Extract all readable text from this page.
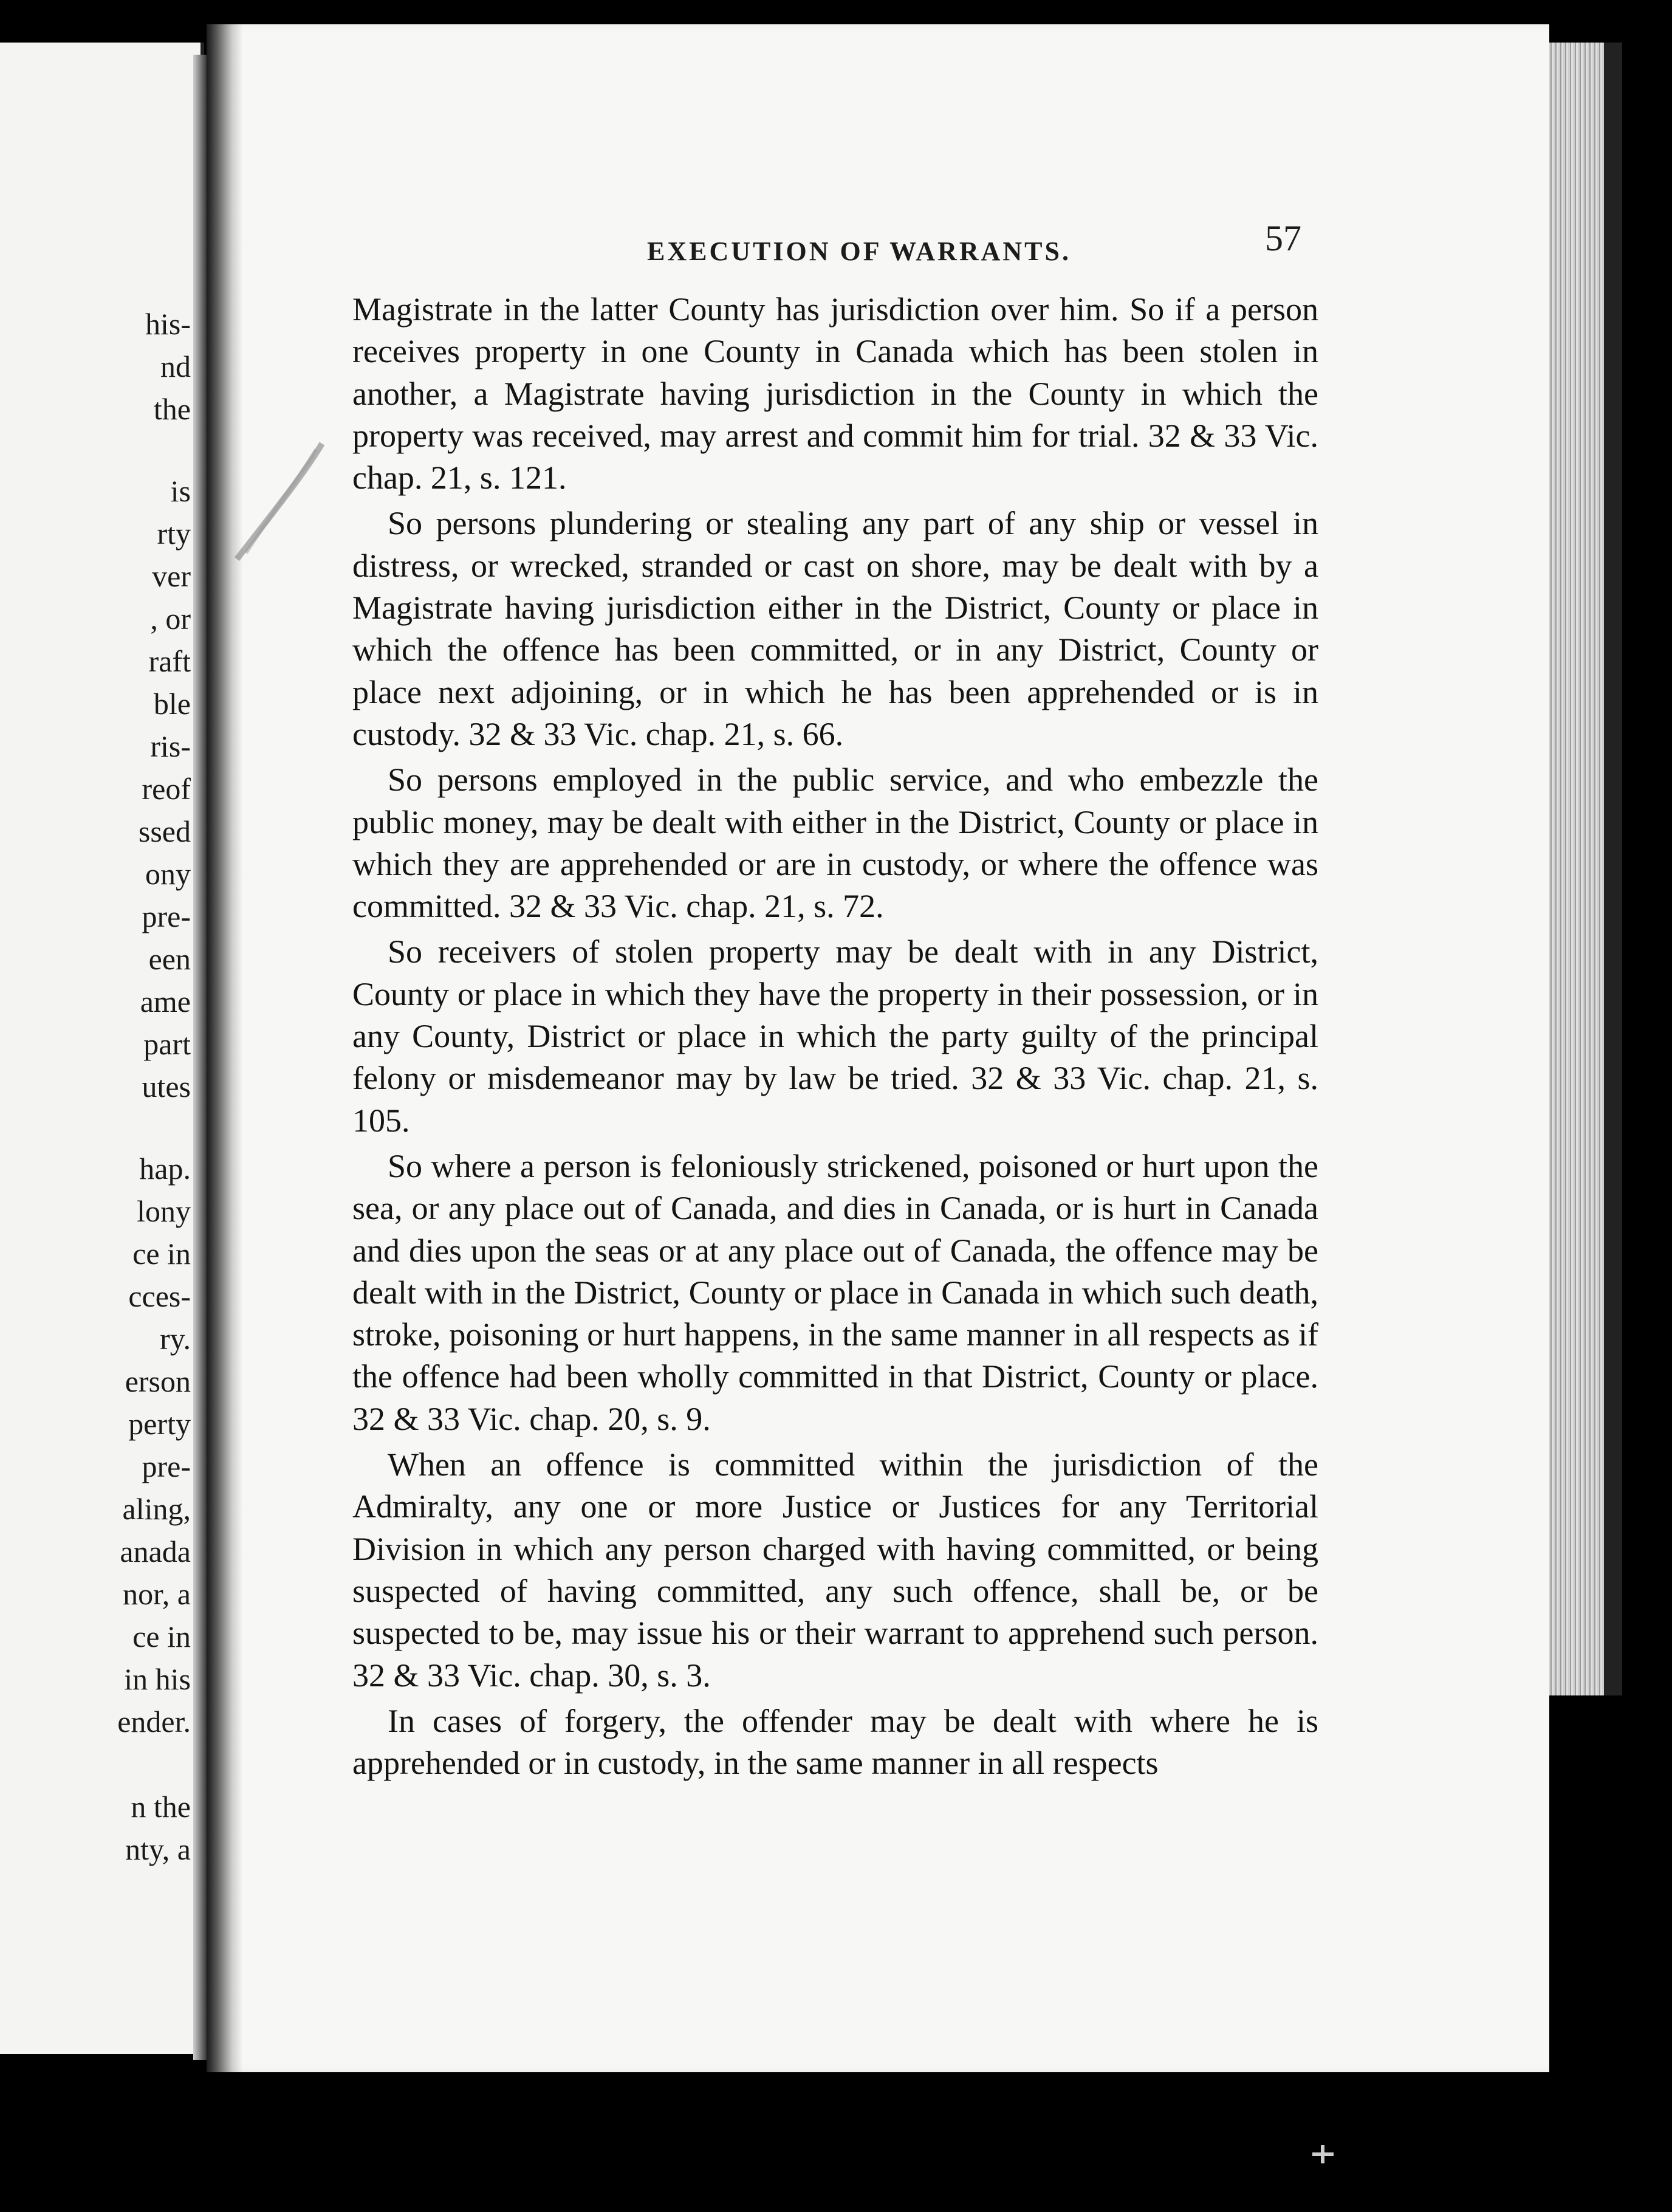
his-
nd
the
is
rty
ver
, or
raft
ble
ris-
reof
ssed
ony
pre-
een
ame
part
utes
hap.
lony
ce in
cces-
ry.
erson
perty
pre-
aling,
anada
nor, a
ce in
in his
ender.
n the
nty, a
EXECUTION OF WARRANTS.	57

Magistrate in the latter County has jurisdiction over him. So if a person receives property in one County in Canada which has been stolen in another, a Magistrate having jurisdiction in the County in which the property was received, may arrest and commit him for trial. 32 & 33 Vic. chap. 21, s. 121.

So persons plundering or stealing any part of any ship or vessel in distress, or wrecked, stranded or cast on shore, may be dealt with by a Magistrate having jurisdiction either in the District, County or place in which the offence has been committed, or in any District, County or place next adjoining, or in which he has been apprehended or is in custody. 32 & 33 Vic. chap. 21, s. 66.

So persons employed in the public service, and who embezzle the public money, may be dealt with either in the District, County or place in which they are apprehended or are in custody, or where the offence was committed. 32 & 33 Vic. chap. 21, s. 72.

So receivers of stolen property may be dealt with in any District, County or place in which they have the property in their possession, or in any County, District or place in which the party guilty of the principal felony or misdemeanor may by law be tried. 32 & 33 Vic. chap. 21, s. 105.

So where a person is feloniously strickened, poisoned or hurt upon the sea, or any place out of Canada, and dies in Canada, or is hurt in Canada and dies upon the seas or at any place out of Canada, the offence may be dealt with in the District, County or place in Canada in which such death, stroke, poisoning or hurt happens, in the same manner in all respects as if the offence had been wholly committed in that District, County or place. 32 & 33 Vic. chap. 20, s. 9.

When an offence is committed within the jurisdiction of the Admiralty, any one or more Justice or Justices for any Territorial Division in which any person charged with having committed, or being suspected of having committed, any such offence, shall be, or be suspected to be, may issue his or their warrant to apprehend such person. 32 & 33 Vic. chap. 30, s. 3.

In cases of forgery, the offender may be dealt with where he is apprehended or in custody, in the same manner in all respects
